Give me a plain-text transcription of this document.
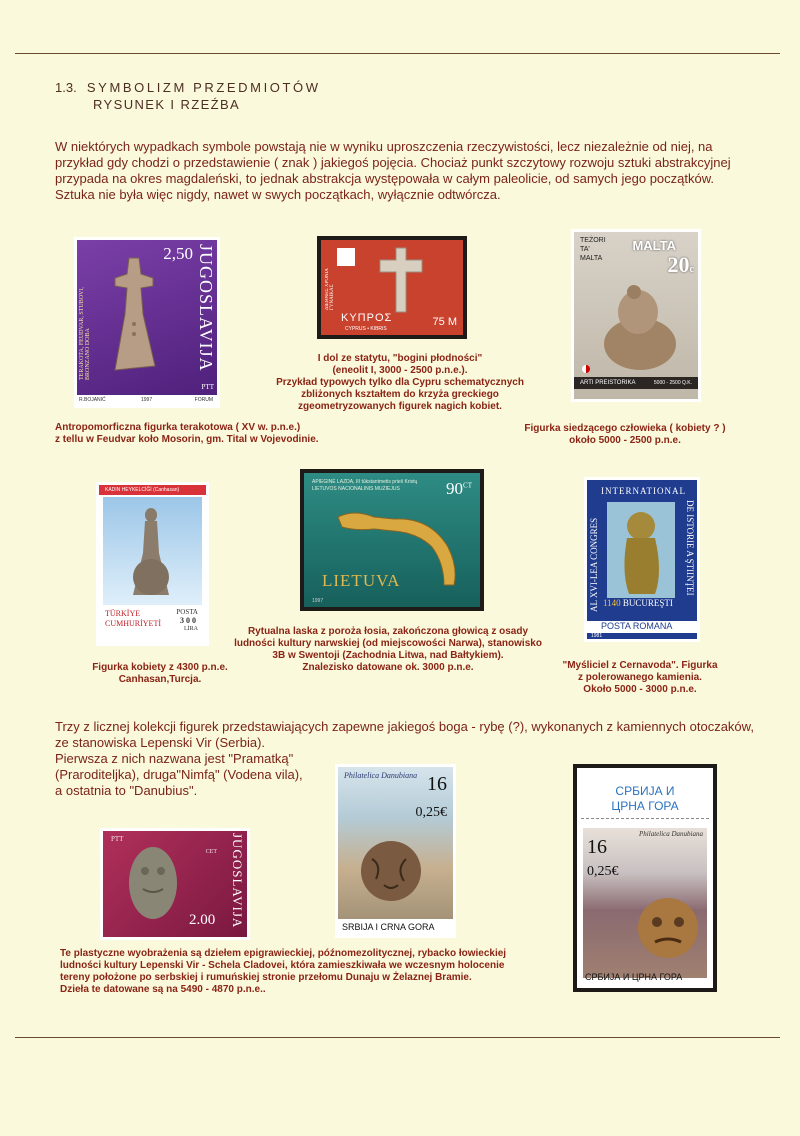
1.3. SYMBOLIZM PRZEDMIOTÓW
RYSUNEK I RZEŹBA
W niektórych wypadkach symbole powstają nie w wyniku uproszczenia rzeczywistości, lecz niezależnie od niej, na przykład gdy chodzi o przedstawienie ( znak ) jakiegoś pojęcia. Chociaż punkt szczytowy rozwoju sztuki abstrakcyjnej przypada na okres magdaleński, to jednak abstrakcja występowała w całym paleolicie, od samych jego początków. Sztuka nie była więc nigdy, nawet w swych początkach, wyłącznie odtwórcza.
TERAKOTA, FEUDVAR, STUBOVI, BRONZANO DOBA
2,50 JUGOSLAVIJA
PTT
R.BOJANIĆ	1997	FORUM
ΔΙΕΘΝΗΣ ΧΡΟΝΙΑ ΓΥΝΑΙΚΑΣ
ΚΥΠΡΟΣ
CYPRUS • KIBRIS
75 M
TEŻORI
TA'
MALTA
MALTA
20c
ARTI PREISTORIKA	5000 - 2500 Q.K.
Antropomorficzna figurka terakotowa ( XV w. p.n.e.)
z tellu w Feudvar koło Mosorin, gm. Tital w Vojevodinie.
I dol ze statytu, "bogini płodności"
(eneolit I, 3000 - 2500 p.n.e.).
Przykład typowych tylko dla Cypru schematycznych
zbliżonych kształtem do krzyża greckiego
zgeometryzowanych figurek nagich kobiet.
Figurka siedzącego człowieka ( kobiety ? )
około 5000 - 2500 p.n.e.
KADIN HEYKELCİĞİ (Canhasan)
TÜRKİYE
CUMHURİYETİ
POSTA
300
LİRA
APIEGINĖ LAZDA, III tūkstantmetis prieš Kristų
LIETUVOS NACIONALINIS MUZIEJUS	$90^{CT}$
LIETUVA
1997
INTERNATIONAL
AL XVI-LEA CONGRES	DE ISTORIE A ŞTIINŢEI
1140 BUCUREŞTI
POSTA ROMANA
1981
Figurka kobiety z 4300 p.n.e.
Canhasan,Turcja.
Rytualna laska z poroża łosia, zakończona głowicą z osady
ludności kultury narwskiej (od miejscowości Narwa), stanowisko
3B w Swentoji (Zachodnia Litwa, nad Bałtykiem).
Znalezisko datowane ok. 3000 p.n.e.	"Myśliciel z Cernavoda". Figurka
z polerowanego kamienia.
Około 5000 - 3000 p.n.e.
Trzy z licznej kolekcji figurek przedstawiających zapewne jakiegoś boga - rybę (?), wykonanych z kamiennych otoczaków, ze stanowiska Lepenski Vir (Serbia).
Pierwsza z nich nazwana jest "Pramatką"
(Praroditeljka), druga"Nimfą" (Vodena vila),
a ostatnia to "Danubius".
PTT
CET JUGOSLAVIJA
2.00
Philatelica Danubiana 16
0,25€
SRBIJA I CRNA GORA
СРБИЈА И
ЦРНА ГОРА
Philatelica Danubiana
16
0,25€
СРБИЈА И ЦРНА ГОРА
Te plastyczne wyobrażenia są dziełem epigrawieckiej, późnomezolitycznej, rybacko łowieckiej
ludności kultury Lepenski Vir - Schela Cladovei, która zamieszkiwała we wczesnym holocenie
tereny położone po serbskiej i rumuńskiej stronie przełomu Dunaju w Żelaznej Bramie.
Dzieła te datowane są na 5490 - 4870 p.n.e..
